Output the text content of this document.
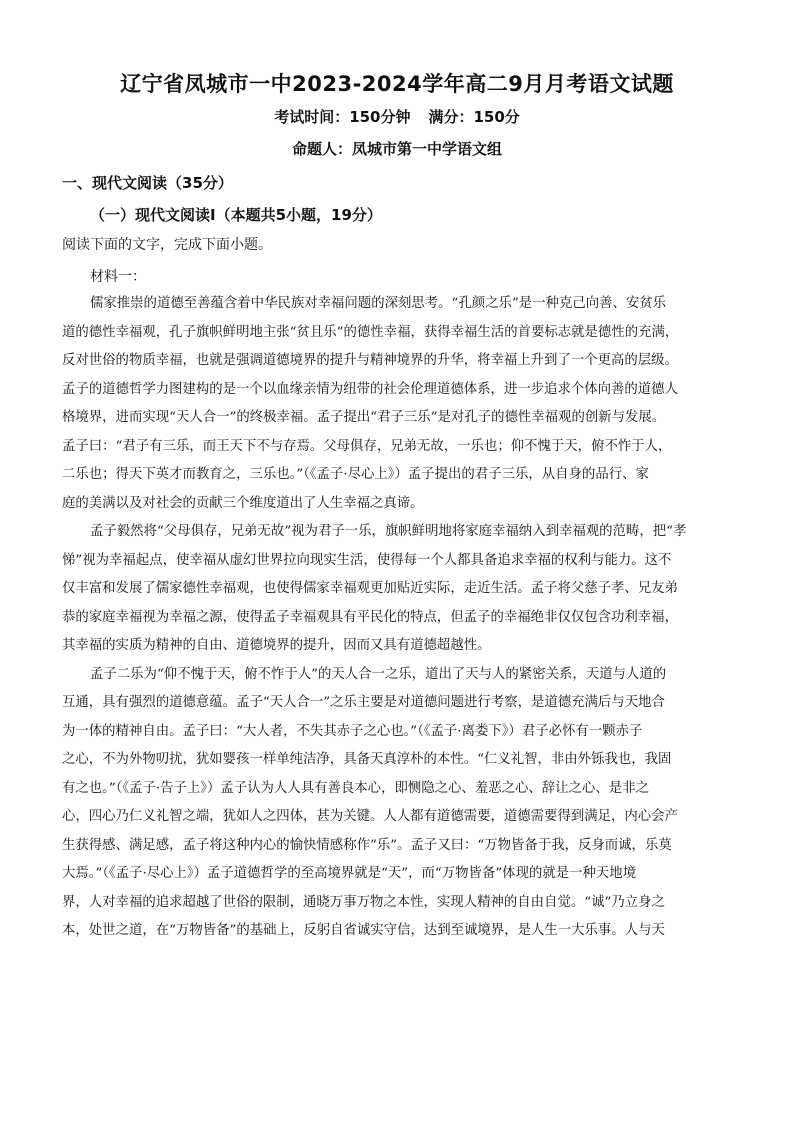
辽宁省凤城市一中2023-2024学年高二9月月考语文试题
考试时间：150分钟 满分：150分
命题人：凤城市第一中学语文组
一、现代文阅读（35分）
（一）现代文阅读Ⅰ（本题共5小题，19分）
阅读下面的文字，完成下面小题。
材料一：
儒家推崇的道德至善蕴含着中华民族对幸福问题的深刻思考。“孔颜之乐”是一种克己向善、安贫乐
道的德性幸福观，孔子旗帜鲜明地主张“贫且乐”的德性幸福，获得幸福生活的首要标志就是德性的充满，
反对世俗的物质幸福，也就是强调道德境界的提升与精神境界的升华，将幸福上升到了一个更高的层级。
孟子的道德哲学力图建构的是一个以血缘亲情为纽带的社会伦理道德体系，进一步追求个体向善的道德人
格境界，进而实现“天人合一”的终极幸福。孟子提出“君子三乐”是对孔子的德性幸福观的创新与发展。
孟子曰：“君子有三乐，而王天下不与存焉。父母俱存，兄弟无故，一乐也；仰不愧于天，俯不怍于人，
二乐也；得天下英才而教育之，三乐也。”（《孟子·尽心上》）孟子提出的君子三乐，从自身的品行、家
庭的美满以及对社会的贡献三个维度道出了人生幸福之真谛。
孟子毅然将“父母俱存，兄弟无故”视为君子一乐，旗帜鲜明地将家庭幸福纳入到幸福观的范畴，把“孝
悌”视为幸福起点，使幸福从虚幻世界拉向现实生活，使得每一个人都具备追求幸福的权利与能力。这不
仅丰富和发展了儒家德性幸福观，也使得儒家幸福观更加贴近实际，走近生活。孟子将父慈子孝、兄友弟
恭的家庭幸福视为幸福之源，使得孟子幸福观具有平民化的特点，但孟子的幸福绝非仅仅包含功利幸福，
其幸福的实质为精神的自由、道德境界的提升，因而又具有道德超越性。
孟子二乐为“仰不愧于天，俯不怍于人”的天人合一之乐，道出了天与人的紧密关系，天道与人道的
互通，具有强烈的道德意蕴。孟子“天人合一”之乐主要是对道德问题进行考察，是道德充满后与天地合
为一体的精神自由。孟子曰：“大人者，不失其赤子之心也。”（《孟子·离娄下》）君子必怀有一颗赤子
之心，不为外物叨扰，犹如婴孩一样单纯洁净，具备天真淳朴的本性。“仁义礼智，非由外铄我也，我固
有之也。”（《孟子·告子上》）孟子认为人人具有善良本心，即恻隐之心、羞恶之心、辞让之心、是非之
心，四心乃仁义礼智之端，犹如人之四体，甚为关键。人人都有道德需要，道德需要得到满足，内心会产
生获得感、满足感，孟子将这种内心的愉快情感称作“乐”。孟子又曰：“万物皆备于我，反身而诚，乐莫
大焉。”（《孟子·尽心上》）孟子道德哲学的至高境界就是“天”，而“万物皆备”体现的就是一种天地境
界，人对幸福的追求超越了世俗的限制，通晓万事万物之本性，实现人精神的自由自觉。“诚”乃立身之
本，处世之道，在“万物皆备”的基础上，反躬自省诚实守信，达到至诚境界，是人生一大乐事。人与天
